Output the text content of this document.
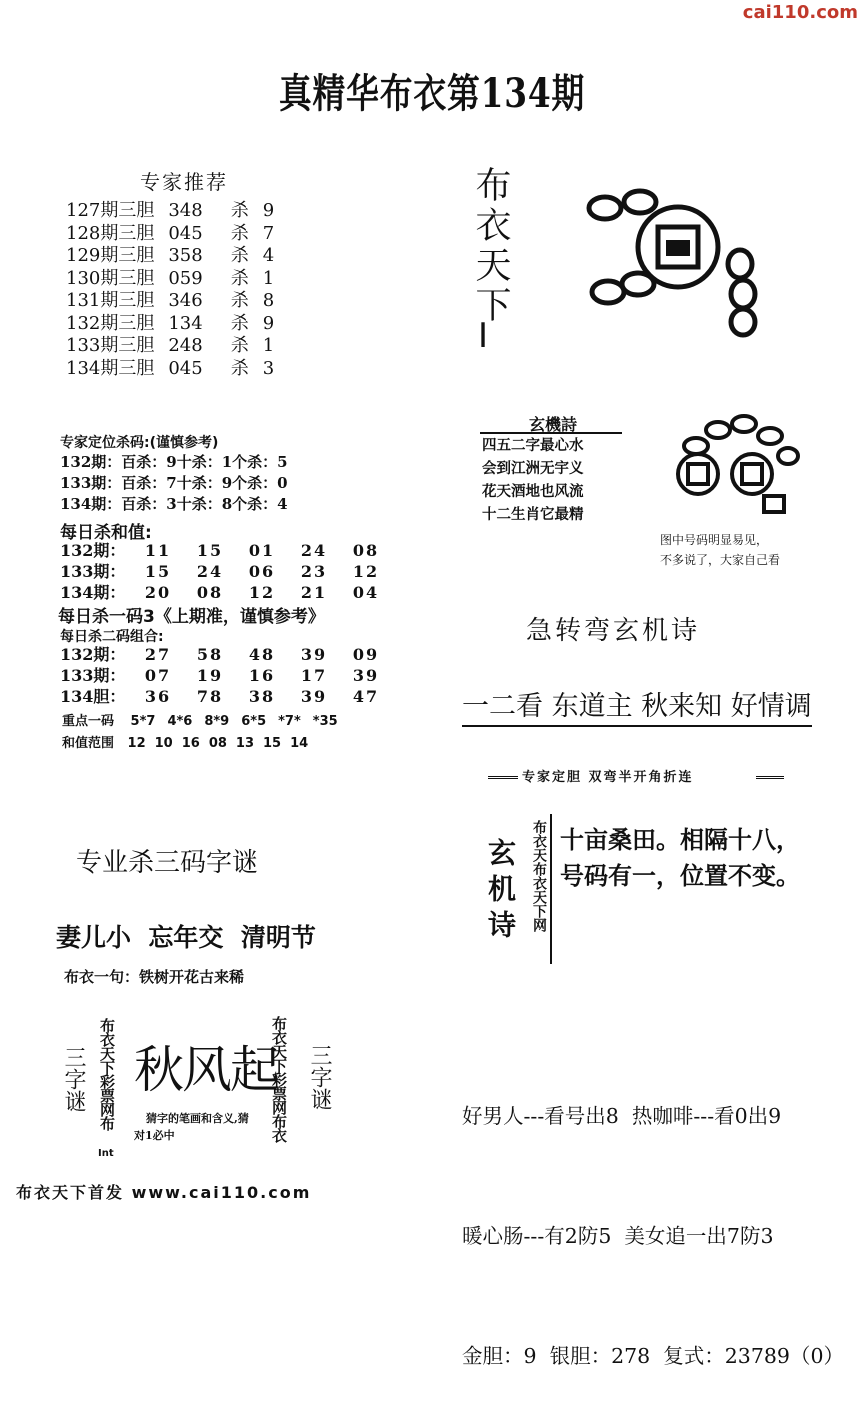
cai110.com
真精华布衣第134期
专家推荐
127期三胆	348	杀	9
128期三胆	045	杀	7
129期三胆	358	杀	4
130期三胆	059	杀	1
131期三胆	346	杀	8
132期三胆	134	杀	9
133期三胆	248	杀	1
134期三胆	045	杀	3
专家定位杀码:(谨慎参考)
132期：百杀：9十杀：1个杀：5
133期：百杀：7十杀：9个杀：0
134期：百杀：3十杀：8个杀：4
每日杀和值:
132期： 11 15 01 24 08
133期： 15 24 06 23 12
134期： 20 08 12 21 04
每日杀一码3《上期准，谨慎参考》
每日杀二码组合:
132期： 27 58 48 39 09
133期： 07 19 16 17 39
134胆： 36 78 38 39 47
重点一码 5*7 4*6 8*9 6*5 *7* *35
和值范围 12 10 16 08 13 15 14
专业杀三码字谜
妻儿小  忘年交  清明节
布衣一句：铁树开花古来稀
三字谜 布衣天下彩票网布
Int
秋风起
猜字的笔画和含义,猜
对1必中	布衣天下彩票网布衣 三字谜
布衣天下首发 www.cai110.com
布衣天下
I
玄機詩
四五二字最心水
会到江洲无宇义
花天酒地也风流
十二生肖它最精
图中号码明显易见，
不多说了，大家自己看
急转弯玄机诗
一二看 东道主 秋来知 好情调
专家定胆 双弯半开角折连
玄机诗 布衣天布衣天下网 十亩桑田。相隔十八，
号码有一，位置不变。

好男人---看号出8  热咖啡---看0出9

暖心肠---有2防5  美女追一出7防3

金胆：9  银胆：278  复式：23789（0）
